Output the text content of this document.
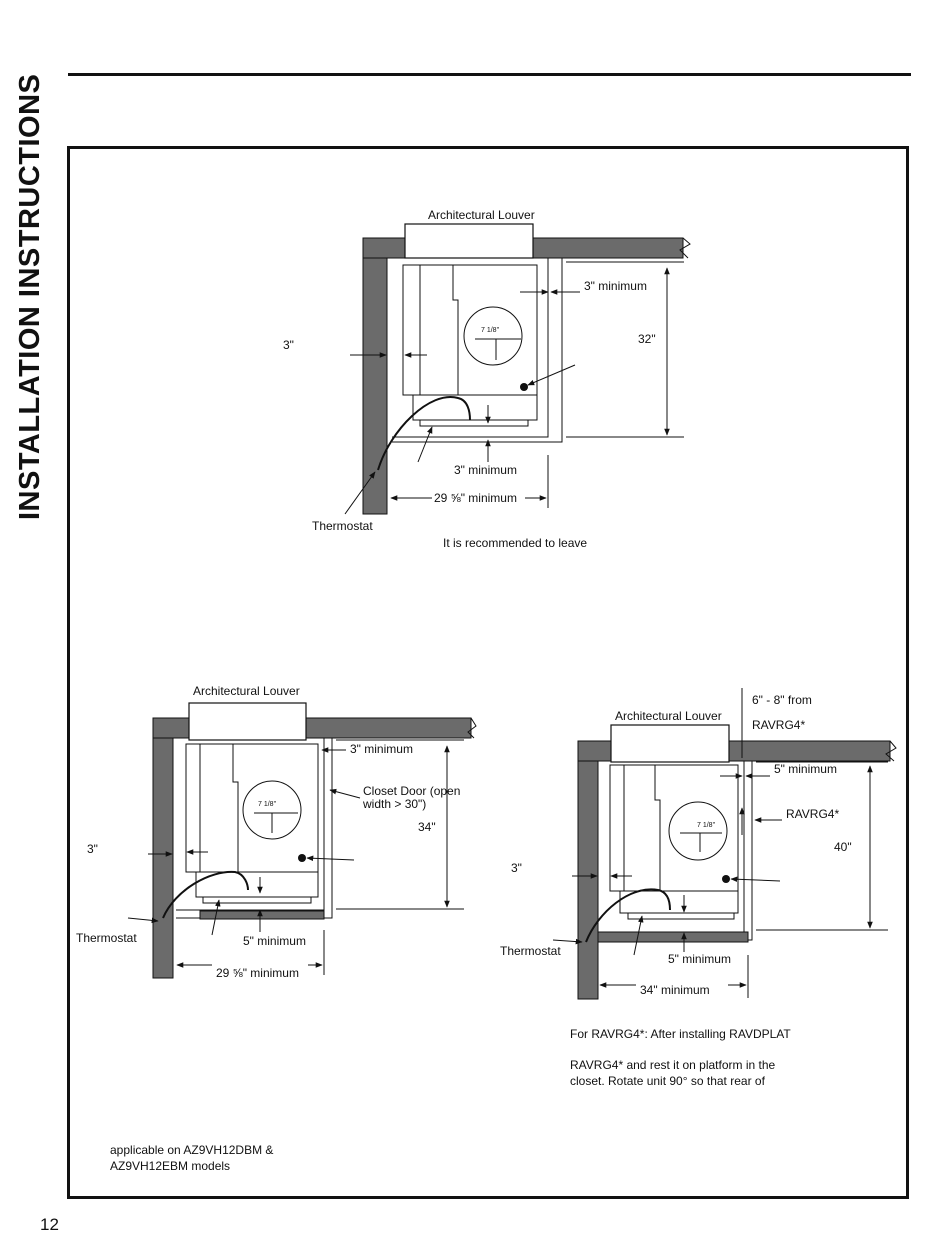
INSTALLATION INSTRUCTIONS
12
7 1/8"
3" minimum
32"
3"
3" minimum
29 ⅝" minimum
Thermostat
It is recommended to leave
7 1/8"
Architectural Louver
3" minimum
Closet Door (open
width > 30")
34"
3"
5" minimum
Thermostat
29 ⅝" minimum
applicable on AZ9VH12DBM &
AZ9VH12EBM models
7 1/8"
6" - 8" from
RAVRG4*
Architectural Louver
5" minimum
RAVRG4*
40"
3"
5" minimum
Thermostat
34" minimum
For RAVRG4*: After installing RAVDPLAT
RAVRG4* and rest it on platform in the
closet. Rotate unit 90° so that rear of
Architectural Louver
